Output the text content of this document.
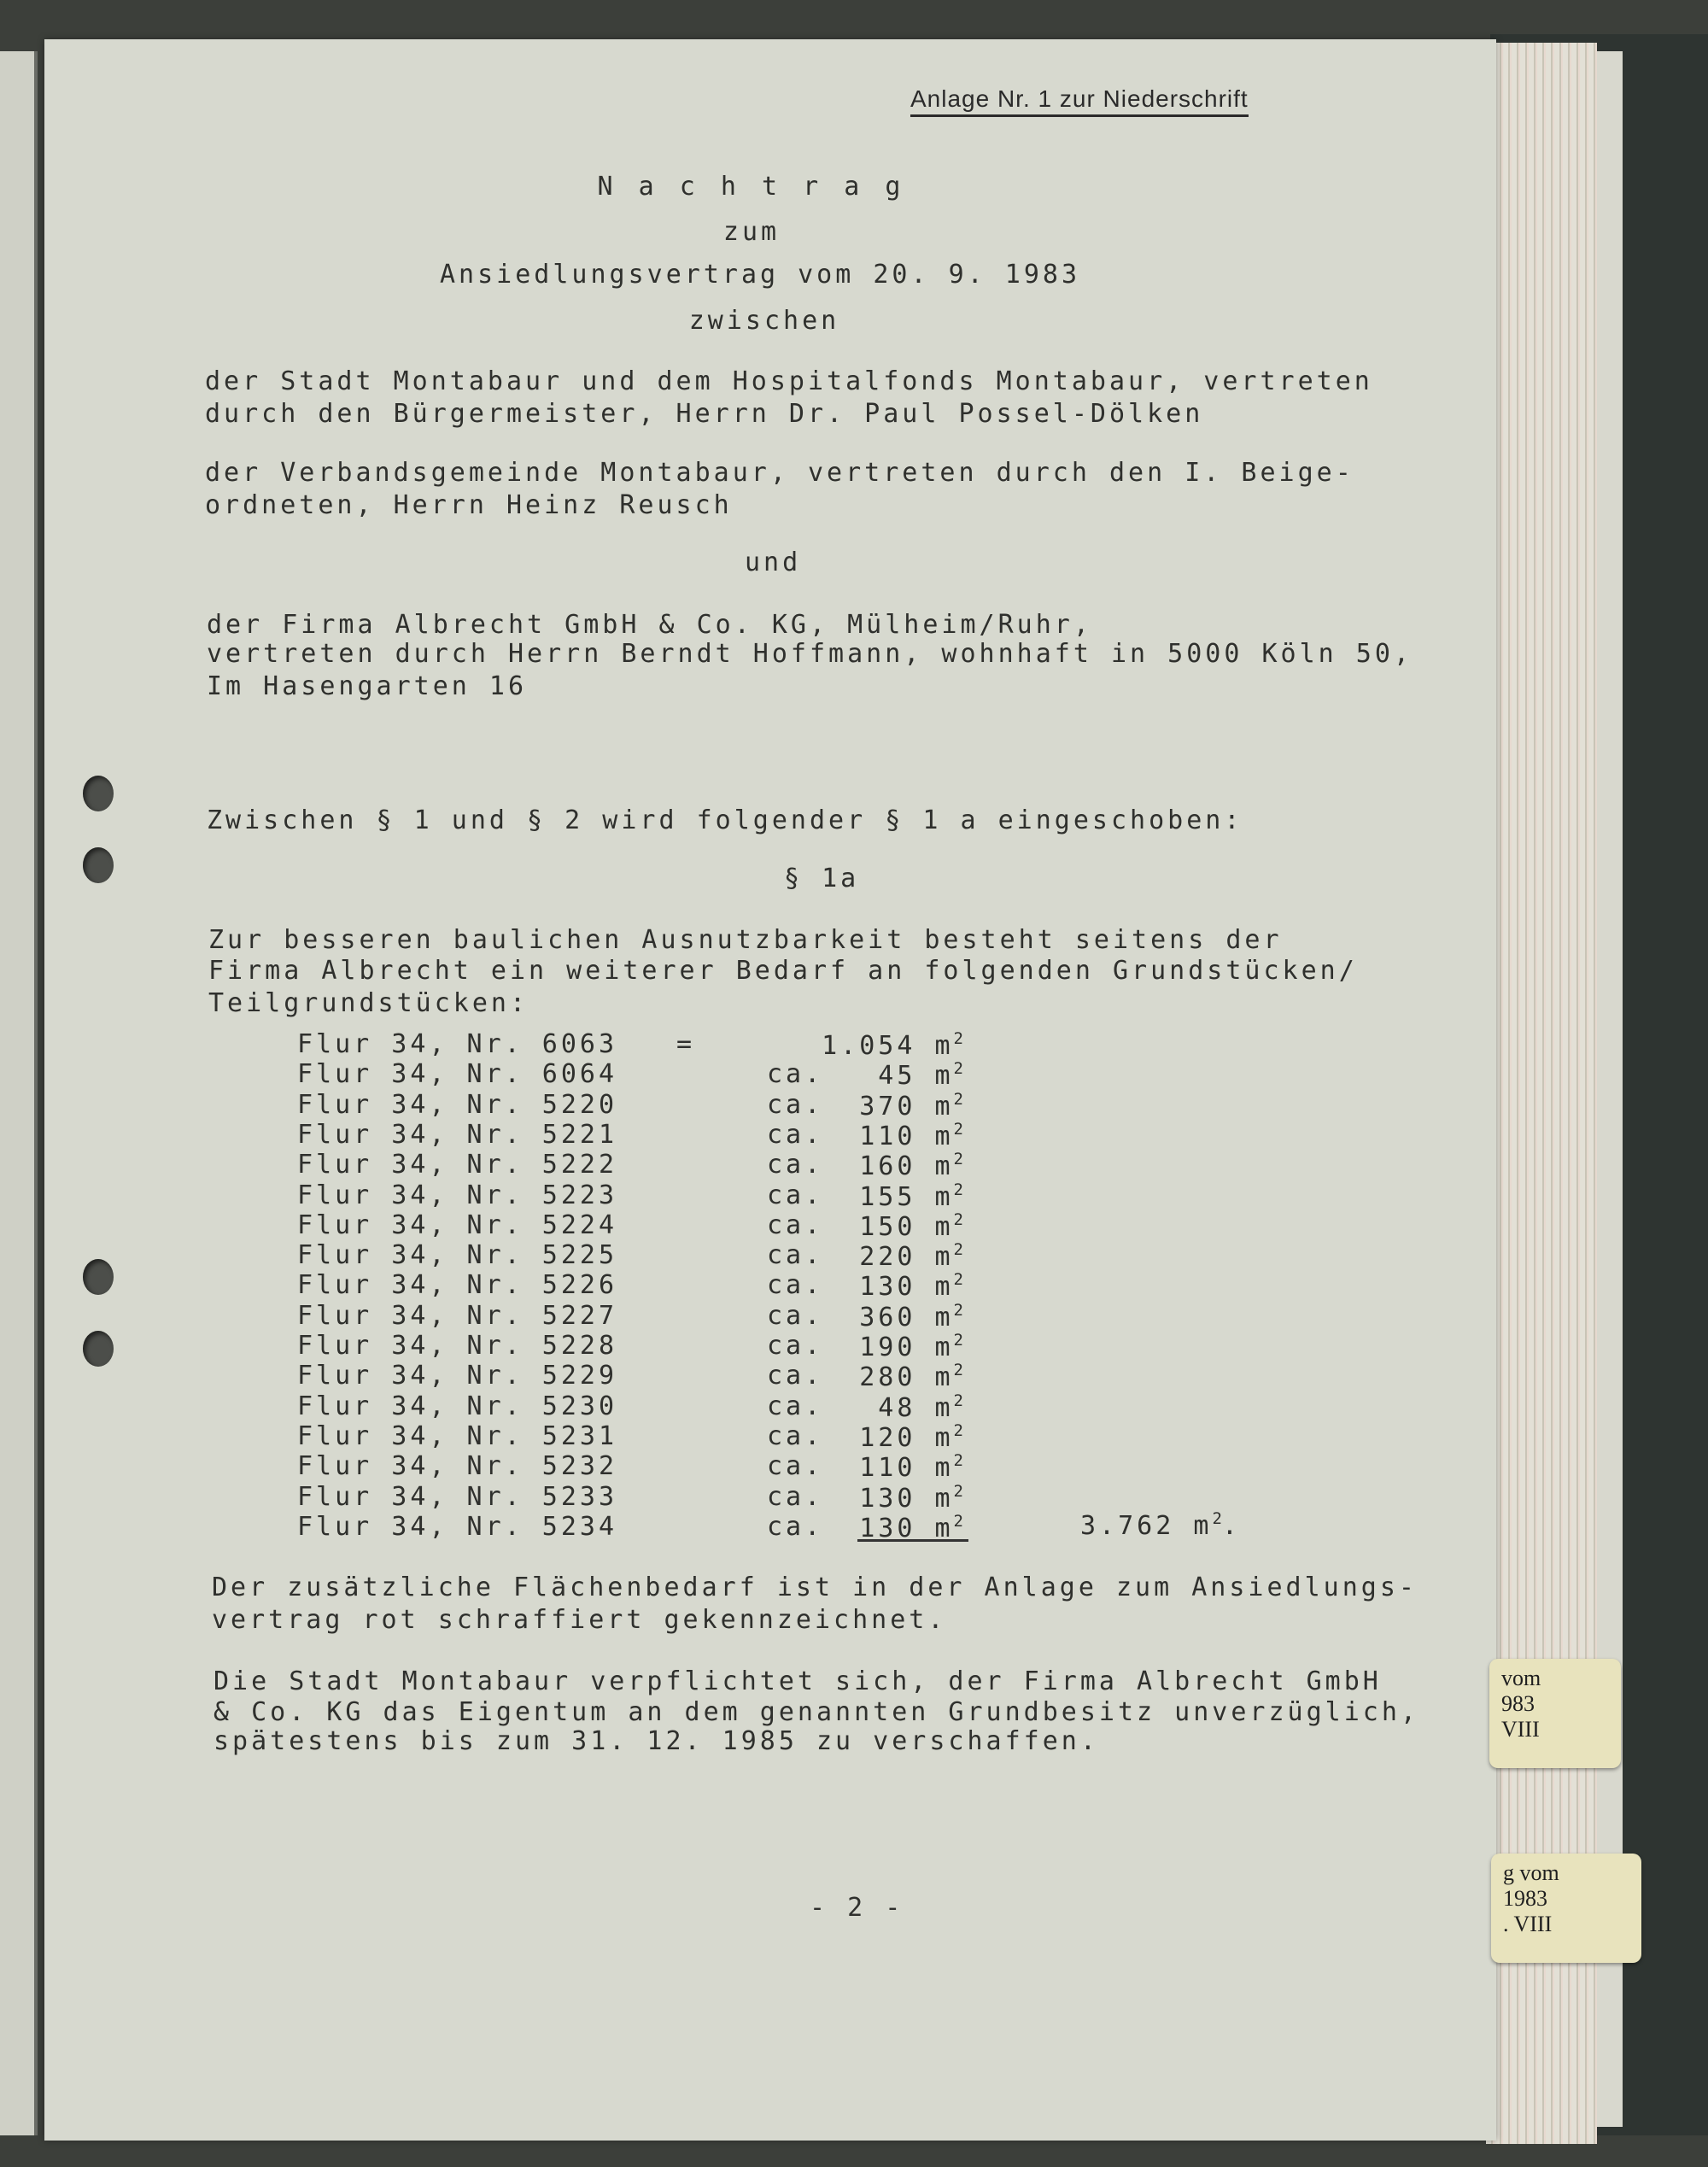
Anlage Nr. 1 zur Niederschrift
N a c h t r a g
zum
Ansiedlungsvertrag vom 20. 9. 1983
zwischen
der Stadt Montabaur und dem Hospitalfonds Montabaur, vertreten
durch den Bürgermeister, Herrn Dr. Paul Possel-Dölken
der Verbandsgemeinde Montabaur, vertreten durch den I. Beige-
ordneten, Herrn Heinz Reusch
und
der Firma Albrecht GmbH & Co. KG, Mülheim/Ruhr,
vertreten durch Herrn Berndt Hoffmann, wohnhaft in 5000 Köln 50,
Im Hasengarten 16
Zwischen § 1 und § 2 wird folgender § 1 a eingeschoben:
§ 1a
Zur besseren baulichen Ausnutzbarkeit besteht seitens der
Firma Albrecht ein weiterer Bedarf an folgenden Grundstücken/
Teilgrundstücken:
Flur 34, Nr. 6063 =	1.054 $m^2$
Flur 34, Nr. 6064	ca. 45 $m^2$
Flur 34, Nr. 5220	ca. 370 $m^2$
Flur 34, Nr. 5221	ca. 110 $m^2$
Flur 34, Nr. 5222	ca. 160 $m^2$
Flur 34, Nr. 5223	ca. 155 $m^2$
Flur 34, Nr. 5224	ca. 150 $m^2$
Flur 34, Nr. 5225	ca. 220 $m^2$
Flur 34, Nr. 5226	ca. 130 $m^2$
Flur 34, Nr. 5227	ca. 360 $m^2$
Flur 34, Nr. 5228	ca. 190 $m^2$
Flur 34, Nr. 5229	ca. 280 $m^2$
Flur 34, Nr. 5230	ca. 48 $m^2$
Flur 34, Nr. 5231	ca. 120 $m^2$
Flur 34, Nr. 5232	ca. 110 $m^2$
Flur 34, Nr. 5233	ca. 130 $m^2$
Flur 34, Nr. 5234	ca. 130 $m^2$	3.762 $m^2$.
Der zusätzliche Flächenbedarf ist in der Anlage zum Ansiedlungs-
vertrag rot schraffiert gekennzeichnet.
Die Stadt Montabaur verpflichtet sich, der Firma Albrecht GmbH
& Co. KG das Eigentum an dem genannten Grundbesitz unverzüglich,
spätestens bis zum 31. 12. 1985 zu verschaffen.
- 2 -
vom
983
VIII
g vom
1983
. VIII
